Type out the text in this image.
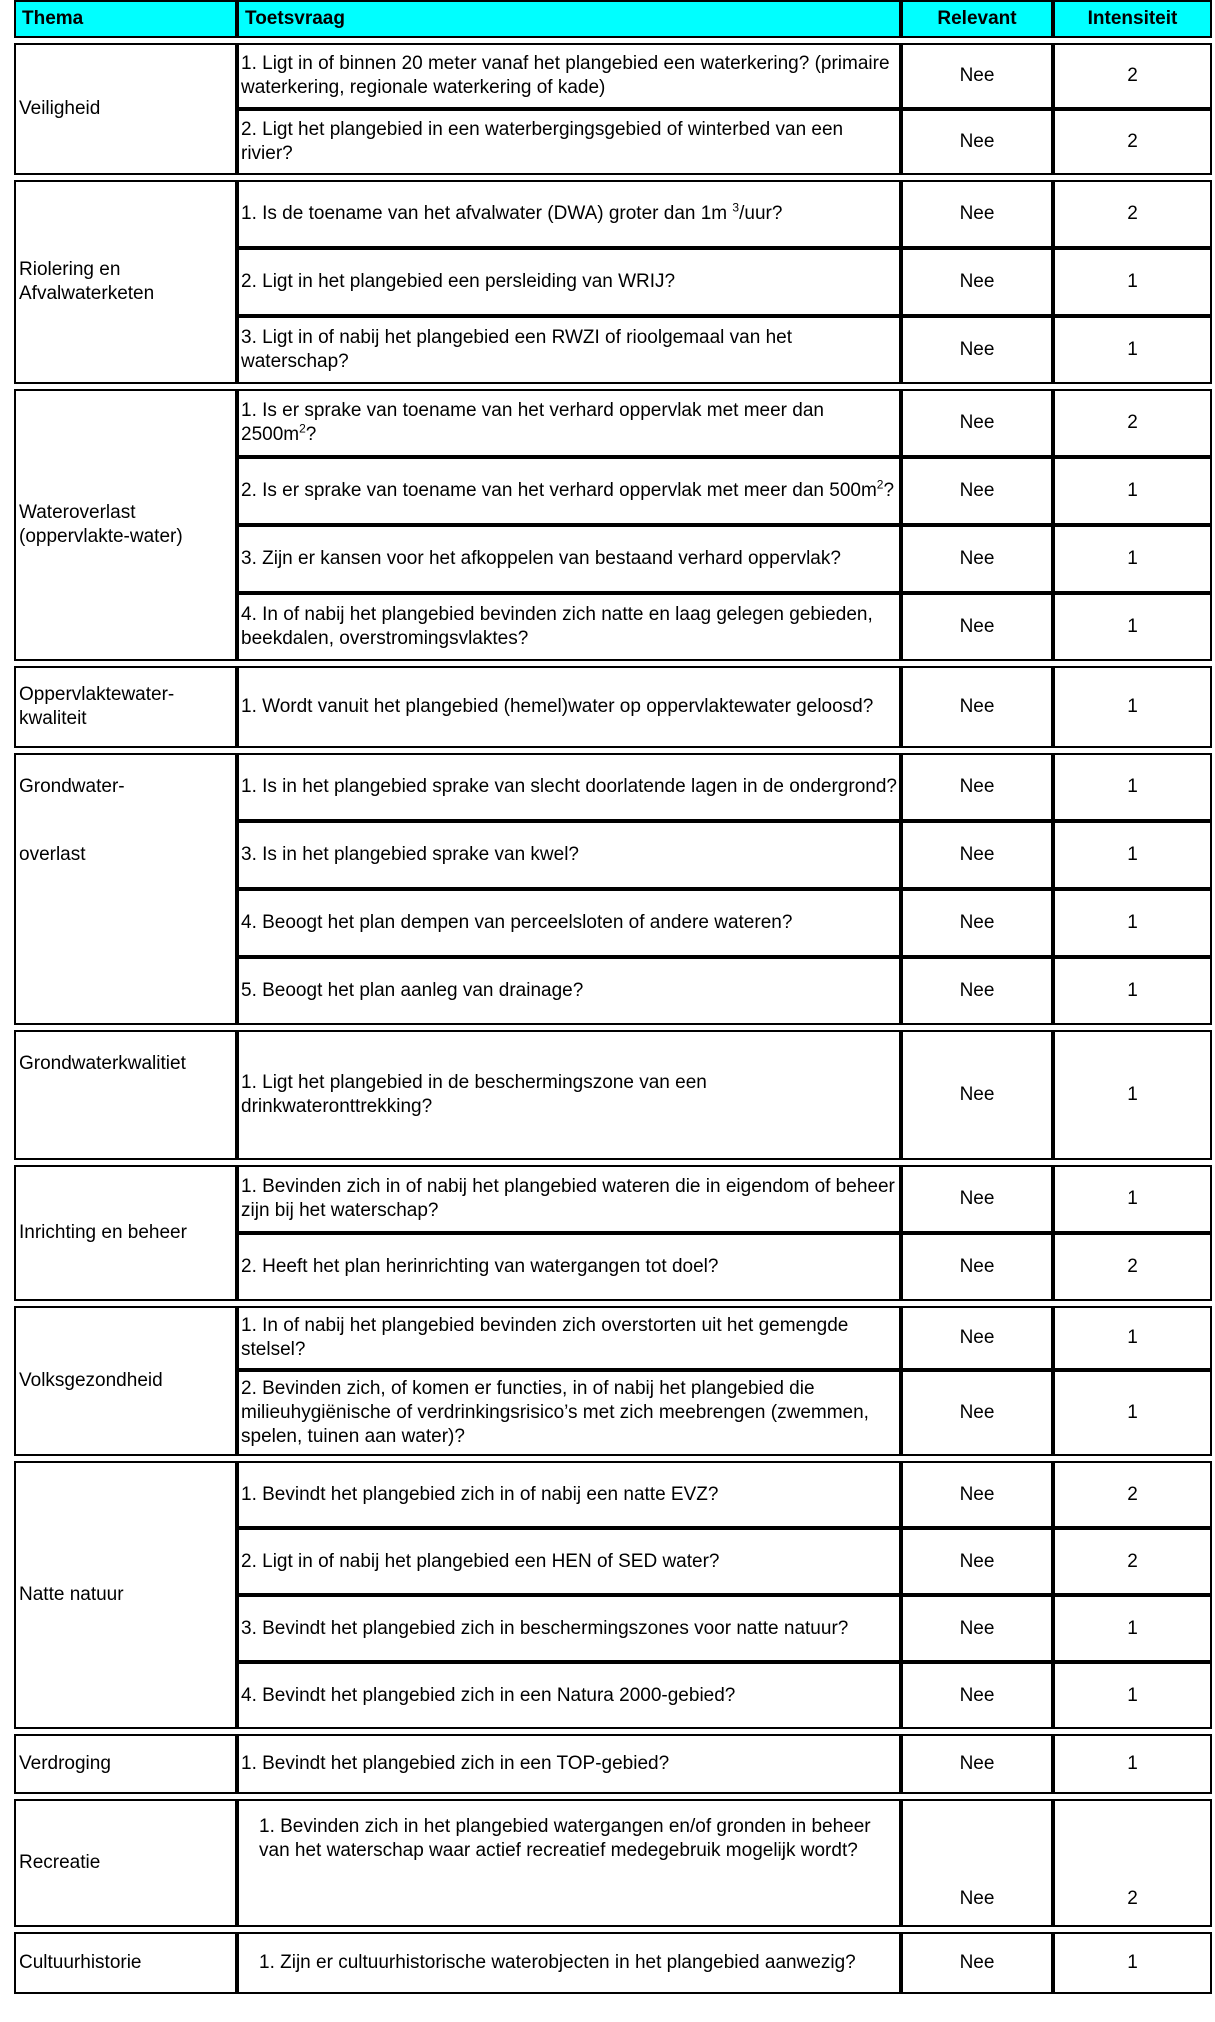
Thema	Toetsvraag	Relevant	Intensiteit

Veiligheid	1. Ligt in of binnen 20 meter vanaf het plangebied een waterkering? (primaire waterkering, regionale waterkering of kade)	Nee	2
	2. Ligt het plangebied in een waterbergingsgebied of winterbed van een rivier?	Nee	2

Riolering en Afvalwaterketen	1. Is de toename van het afvalwater (DWA) groter dan 1m $^3$/uur?	Nee	2
	2. Ligt in het plangebied een persleiding van WRIJ?	Nee	1
	3. Ligt in of nabij het plangebied een RWZI of rioolgemaal van het waterschap?	Nee	1

Wateroverlast (oppervlakte-water)	1. Is er sprake van toename van het verhard oppervlak met meer dan $2500m^2$?	Nee	2
	2. Is er sprake van toename van het verhard oppervlak met meer dan $500m^2$?	Nee	1
	3. Zijn er kansen voor het afkoppelen van bestaand verhard oppervlak?	Nee	1
	4. In of nabij het plangebied bevinden zich natte en laag gelegen gebieden, beekdalen, overstromingsvlaktes?	Nee	1

Oppervlaktewater-kwaliteit	1. Wordt vanuit het plangebied (hemel)water op oppervlaktewater geloosd?	Nee	1

Grondwater-
overlast	1. Is in het plangebied sprake van slecht doorlatende lagen in de ondergrond?	Nee	1
	3. Is in het plangebied sprake van kwel?	Nee	1
	4. Beoogt het plan dempen van perceelsloten of andere wateren?	Nee	1
	5. Beoogt het plan aanleg van drainage?	Nee	1

Grondwaterkwalitiet	1. Ligt het plangebied in de beschermingszone van een drinkwateronttrekking?	Nee	1

Inrichting en beheer	1. Bevinden zich in of nabij het plangebied wateren die in eigendom of beheer zijn bij het waterschap?	Nee	1
	2. Heeft het plan herinrichting van watergangen tot doel?	Nee	2

Volksgezondheid	1. In of nabij het plangebied bevinden zich overstorten uit het gemengde stelsel?	Nee	1
	2. Bevinden zich, of komen er functies, in of nabij het plangebied die milieuhygiënische of verdrinkingsrisico’s met zich meebrengen (zwemmen, spelen, tuinen aan water)?	Nee	1

Natte natuur	1. Bevindt het plangebied zich in of nabij een natte EVZ?	Nee	2
	2. Ligt in of nabij het plangebied een HEN of SED water?	Nee	2
	3. Bevindt het plangebied zich in beschermingszones voor natte natuur?	Nee	1
	4. Bevindt het plangebied zich in een Natura 2000-gebied?	Nee	1

Verdroging	1. Bevindt het plangebied zich in een TOP-gebied?	Nee	1

Recreatie	1. Bevinden zich in het plangebied watergangen en/of gronden in beheer van het waterschap waar actief recreatief medegebruik mogelijk wordt?	Nee	2

Cultuurhistorie	1. Zijn er cultuurhistorische waterobjecten in het plangebied aanwezig?	Nee	1
